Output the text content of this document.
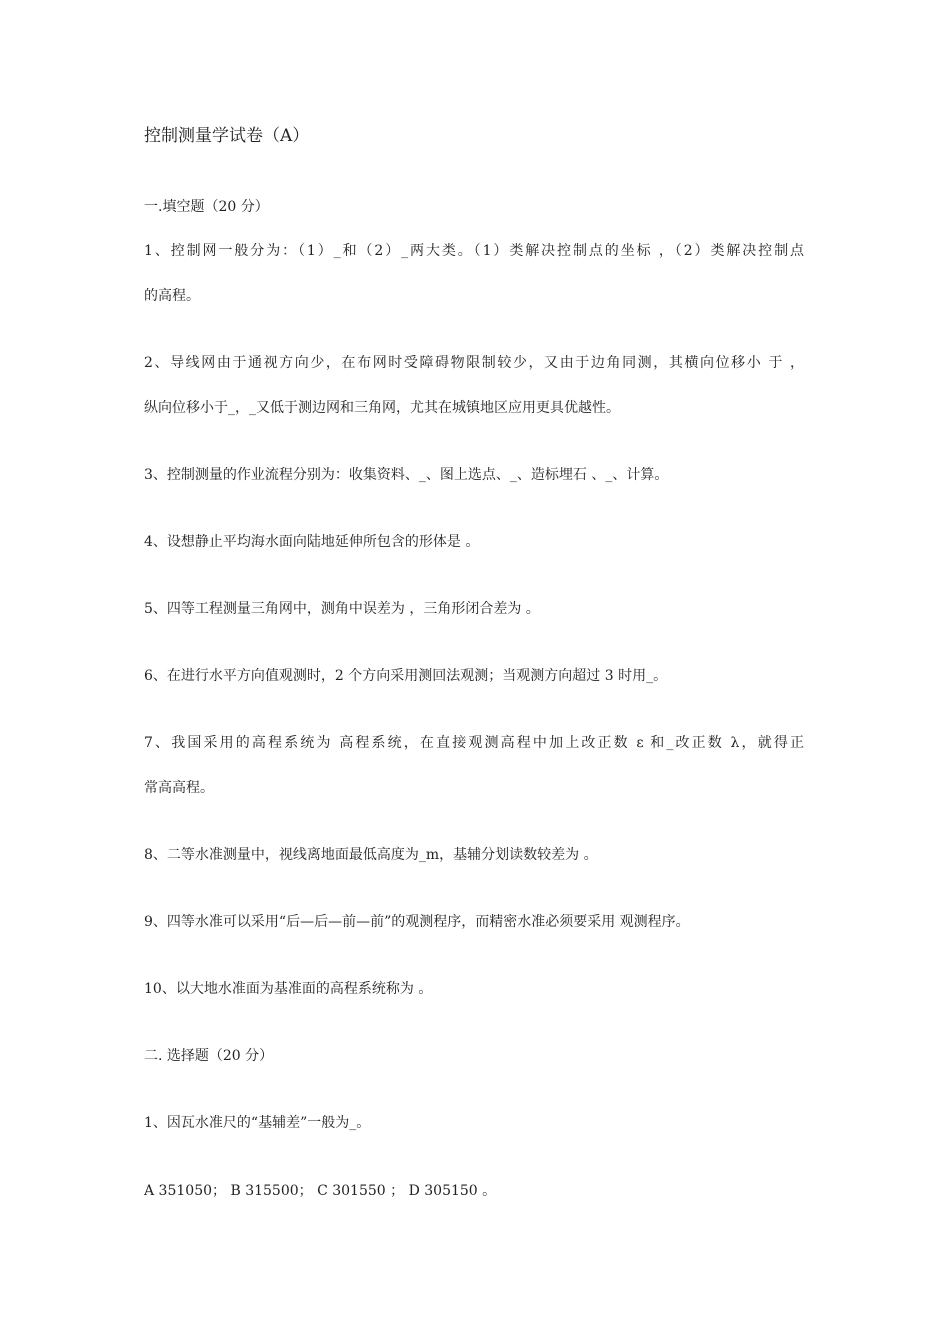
控制测量学试卷（A）
一.填空题（20 分）
1、控制网一般分为：（1）_和（2）_两大类。（1）类解决控制点的坐标 ，（2）类解决控制点
的高程。
2、导线网由于通视方向少，在布网时受障碍物限制较少，又由于边角同测，其横向位移小 于 ，
纵向位移小于_，_又低于测边网和三角网，尤其在城镇地区应用更具优越性。
3、控制测量的作业流程分别为：收集资料、_、图上选点、_、造标埋石 、_、计算。
4、设想静止平均海水面向陆地延伸所包含的形体是 。
5、四等工程测量三角网中，测角中误差为 ，三角形闭合差为 。
6、在进行水平方向值观测时，2 个方向采用测回法观测；当观测方向超过 3 时用_。
7、我国采用的高程系统为 高程系统，在直接观测高程中加上改正数 ε 和_改正数 λ，就得正
常高高程。
8、二等水准测量中，视线离地面最低高度为_m，基辅分划读数较差为 。
9、四等水准可以采用“后—后—前—前”的观测程序，而精密水准必须要采用 观测程序。
10、以大地水准面为基准面的高程系统称为 。
二. 选择题（20 分）
1、因瓦水准尺的“基辅差”一般为_。
A 351050； B 315500； C 301550 ； D 305150 。
